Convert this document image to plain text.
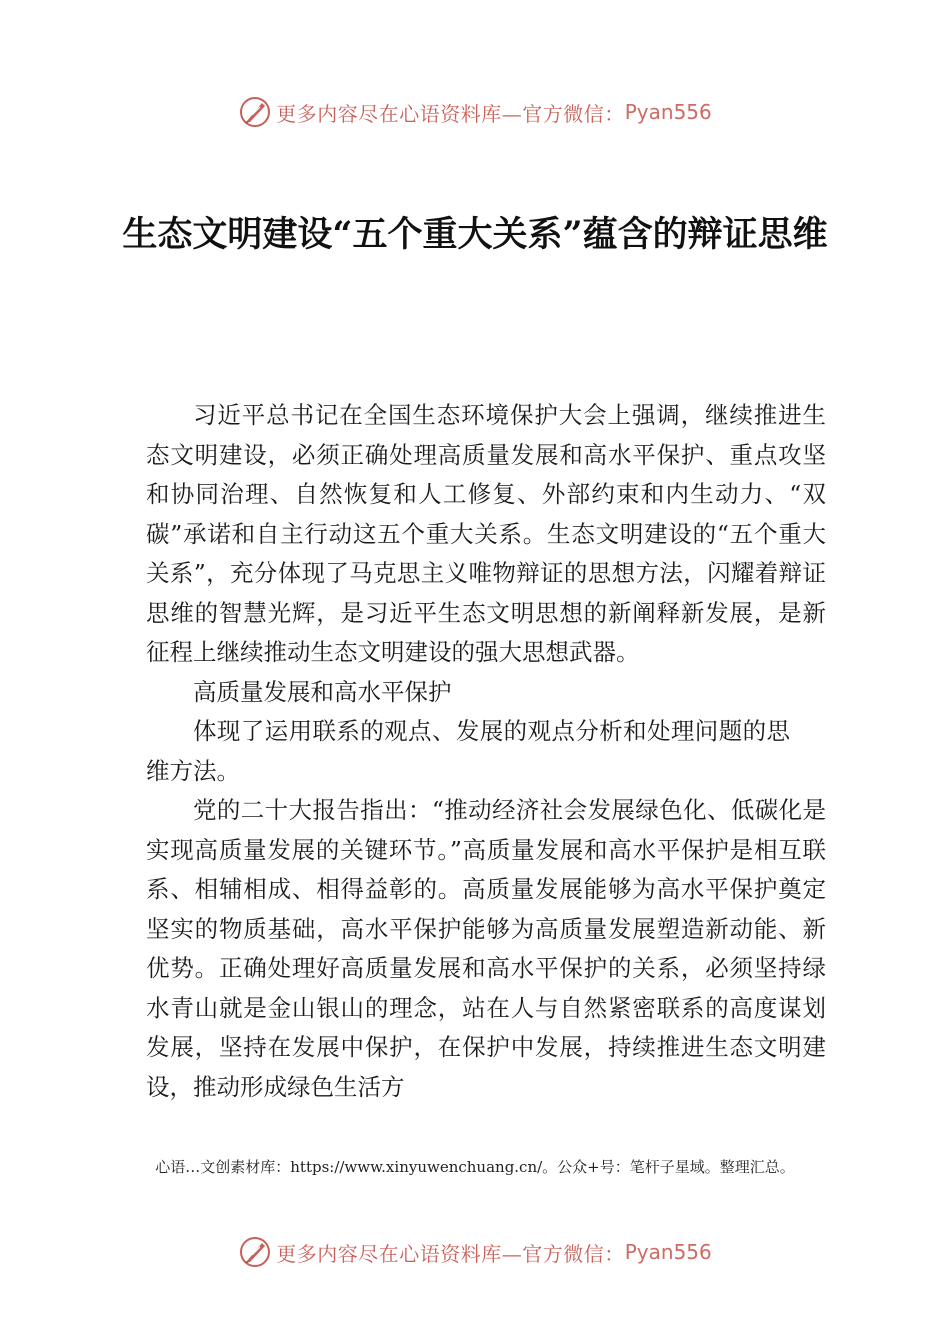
更多内容尽在心语资料库—官方微信： Pyan556
生态文明建设“五个重大关系”蕴含的辩证思维

习近平总书记在全国生态环境保护大会上强调，继续推进生态文明建设，必须正确处理高质量发展和高水平保护、重点攻坚和协同治理、自然恢复和人工修复、外部约束和内生动力、“双碳”承诺和自主行动这五个重大关系。生态文明建设的“五个重大关系”，充分体现了马克思主义唯物辩证的思想方法，闪耀着辩证思维的智慧光辉，是习近平生态文明思想的新阐释新发展，是新征程上继续推动生态文明建设的强大思想武器。

高质量发展和高水平保护

体现了运用联系的观点、发展的观点分析和处理问题的思维方法。

党的二十大报告指出：“推动经济社会发展绿色化、低碳化是实现高质量发展的关键环节。”高质量发展和高水平保护是相互联系、相辅相成、相得益彰的。高质量发展能够为高水平保护奠定坚实的物质基础，高水平保护能够为高质量发展塑造新动能、新优势。正确处理好高质量发展和高水平保护的关系，必须坚持绿水青山就是金山银山的理念，站在人与自然紧密联系的高度谋划发展，坚持在发展中保护，在保护中发展，持续推进生态文明建设，推动形成绿色生活方

心语…文创素材库：https://www.xinyuwenchuang.cn/。公众+号：笔杆子星域。整理汇总。
更多内容尽在心语资料库—官方微信： Pyan556
